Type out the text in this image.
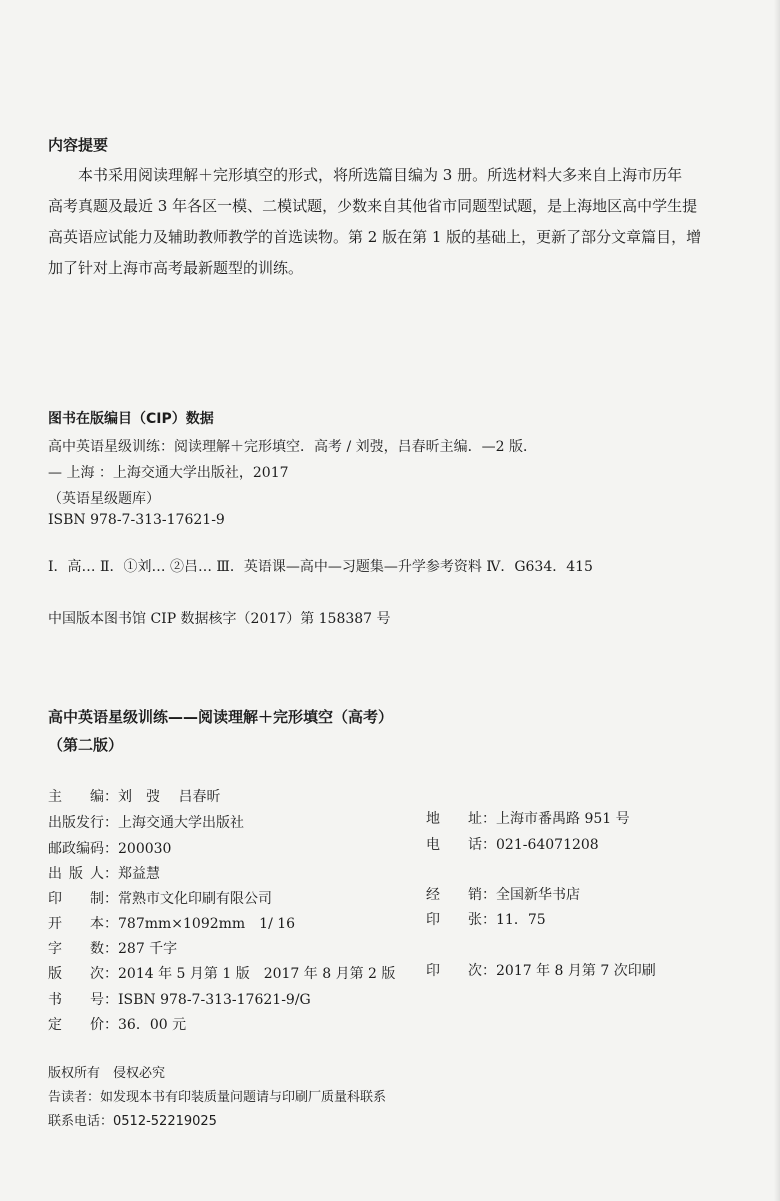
内容提要
本书采用阅读理解＋完形填空的形式，将所选篇目编为 3 册。所选材料大多来自上海市历年
高考真题及最近 3 年各区一模、二模试题，少数来自其他省市同题型试题，是上海地区高中学生提
高英语应试能力及辅助教师教学的首选读物。第 2 版在第 1 版的基础上，更新了部分文章篇目，增
加了针对上海市高考最新题型的训练。
图书在版编目（CIP）数据
高中英语星级训练：阅读理解＋完形填空．高考 / 刘弢，吕春昕主编．—2 版．
— 上海 ：上海交通大学出版社，2017
（英语星级题库）
ISBN 978-7-313-17621-9
Ⅰ．高… Ⅱ．①刘… ②吕… Ⅲ．英语课—高中—习题集—升学参考资料 Ⅳ．G634．415
中国版本图书馆 CIP 数据核字（2017）第 158387 号
高中英语星级训练——阅读理解＋完形填空（高考）
（第二版）
主　　编：刘　弢　 吕春昕
出版发行：上海交通大学出版社
邮政编码：200030
出 版 人：郑益慧
印　　制：常熟市文化印刷有限公司
开　　本：787mm×1092mm　1/ 16
字　　数：287 千字
版　　次：2014 年 5 月第 1 版　2017 年 8 月第 2 版
书　　号：ISBN 978-7-313-17621-9/G
定　　价：36．00 元
地　　址：上海市番禺路 951 号
电　　话：021-64071208
经　　销：全国新华书店
印　　张：11．75
印　　次：2017 年 8 月第 7 次印刷
版权所有　侵权必究
告读者：如发现本书有印装质量问题请与印刷厂质量科联系
联系电话：0512-52219025
